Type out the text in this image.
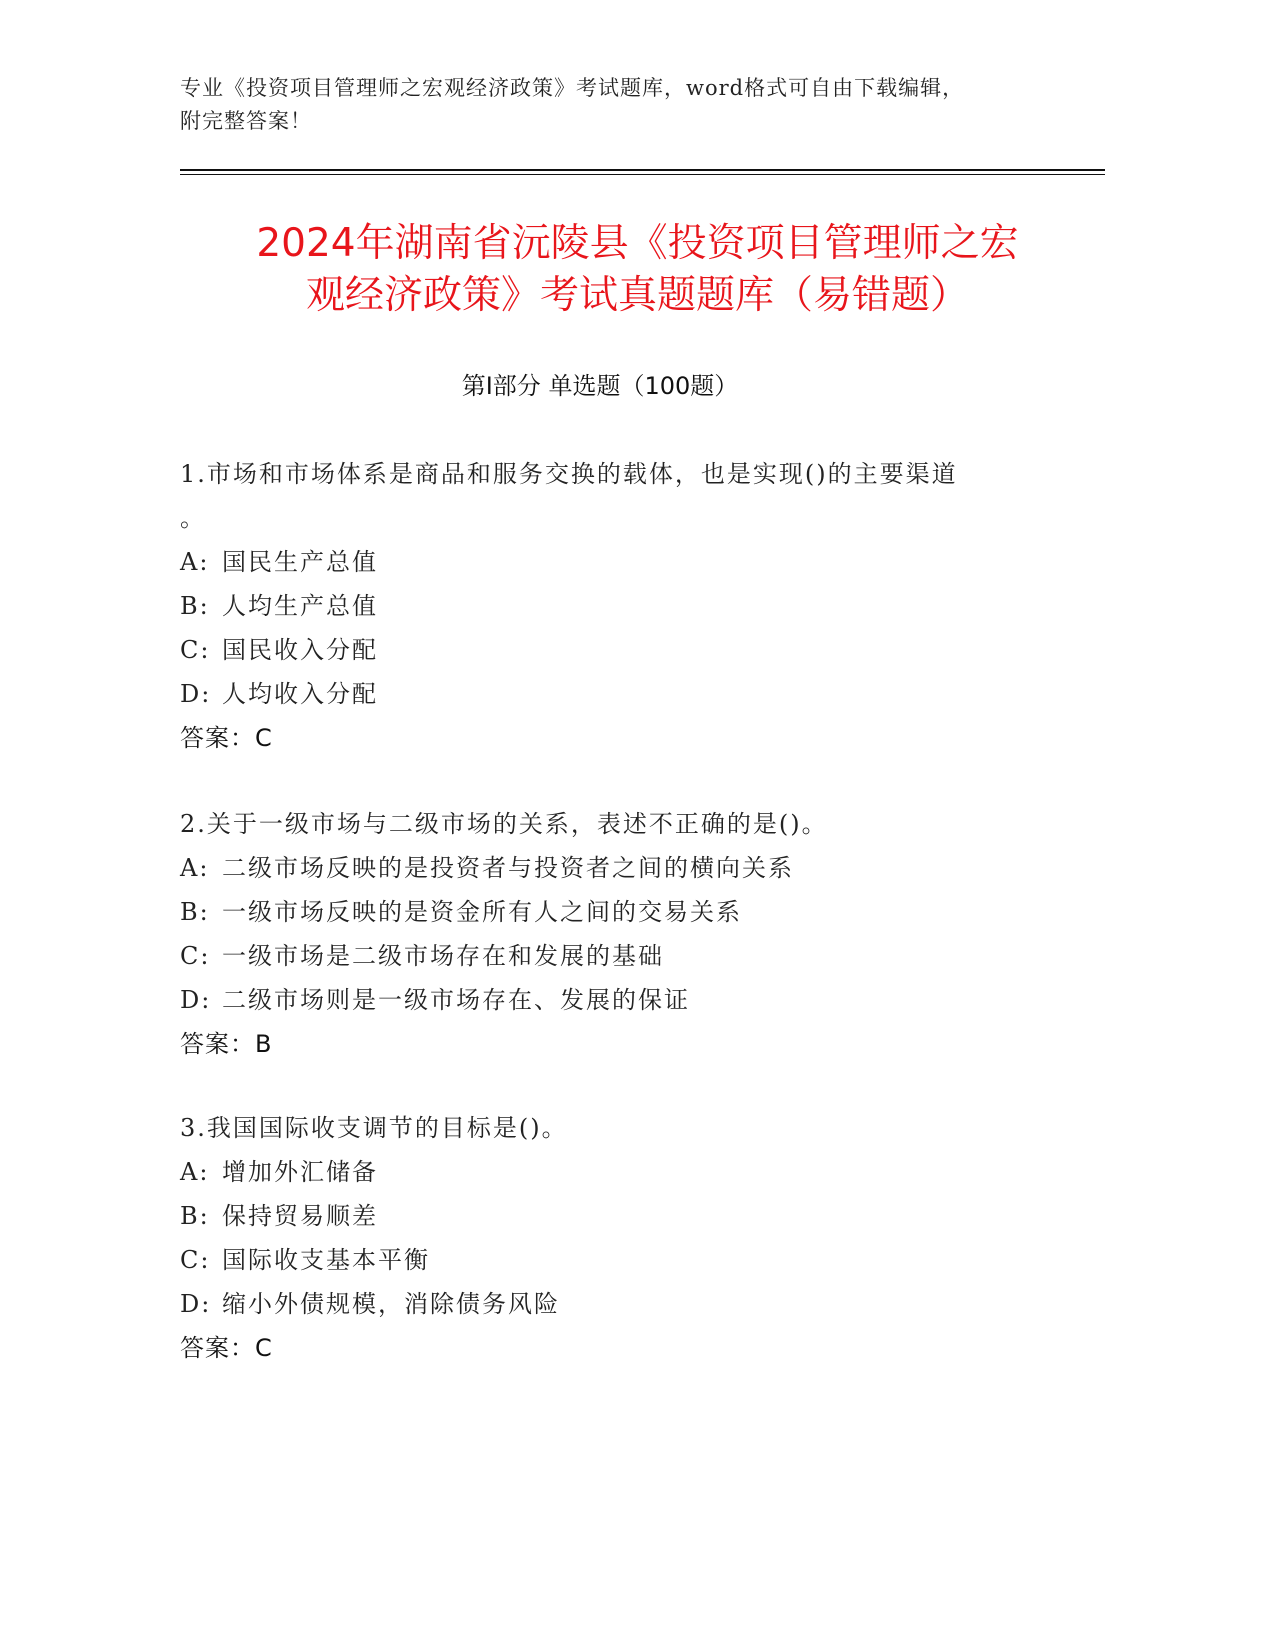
专业《投资项目管理师之宏观经济政策》考试题库，word格式可自由下载编辑，
附完整答案！
2024年湖南省沅陵县《投资项目管理师之宏
观经济政策》考试真题题库（易错题）
第Ⅰ部分 单选题（100题）

1.市场和市场体系是商品和服务交换的载体，也是实现()的主要渠道

。

A: 国民生产总值

B: 人均生产总值

C: 国民收入分配

D: 人均收入分配

答案：C

2.关于一级市场与二级市场的关系，表述不正确的是()。

A: 二级市场反映的是投资者与投资者之间的横向关系

B: 一级市场反映的是资金所有人之间的交易关系

C: 一级市场是二级市场存在和发展的基础

D: 二级市场则是一级市场存在、发展的保证

答案：B

3.我国国际收支调节的目标是()。

A: 增加外汇储备

B: 保持贸易顺差

C: 国际收支基本平衡

D: 缩小外债规模，消除债务风险

答案：C
